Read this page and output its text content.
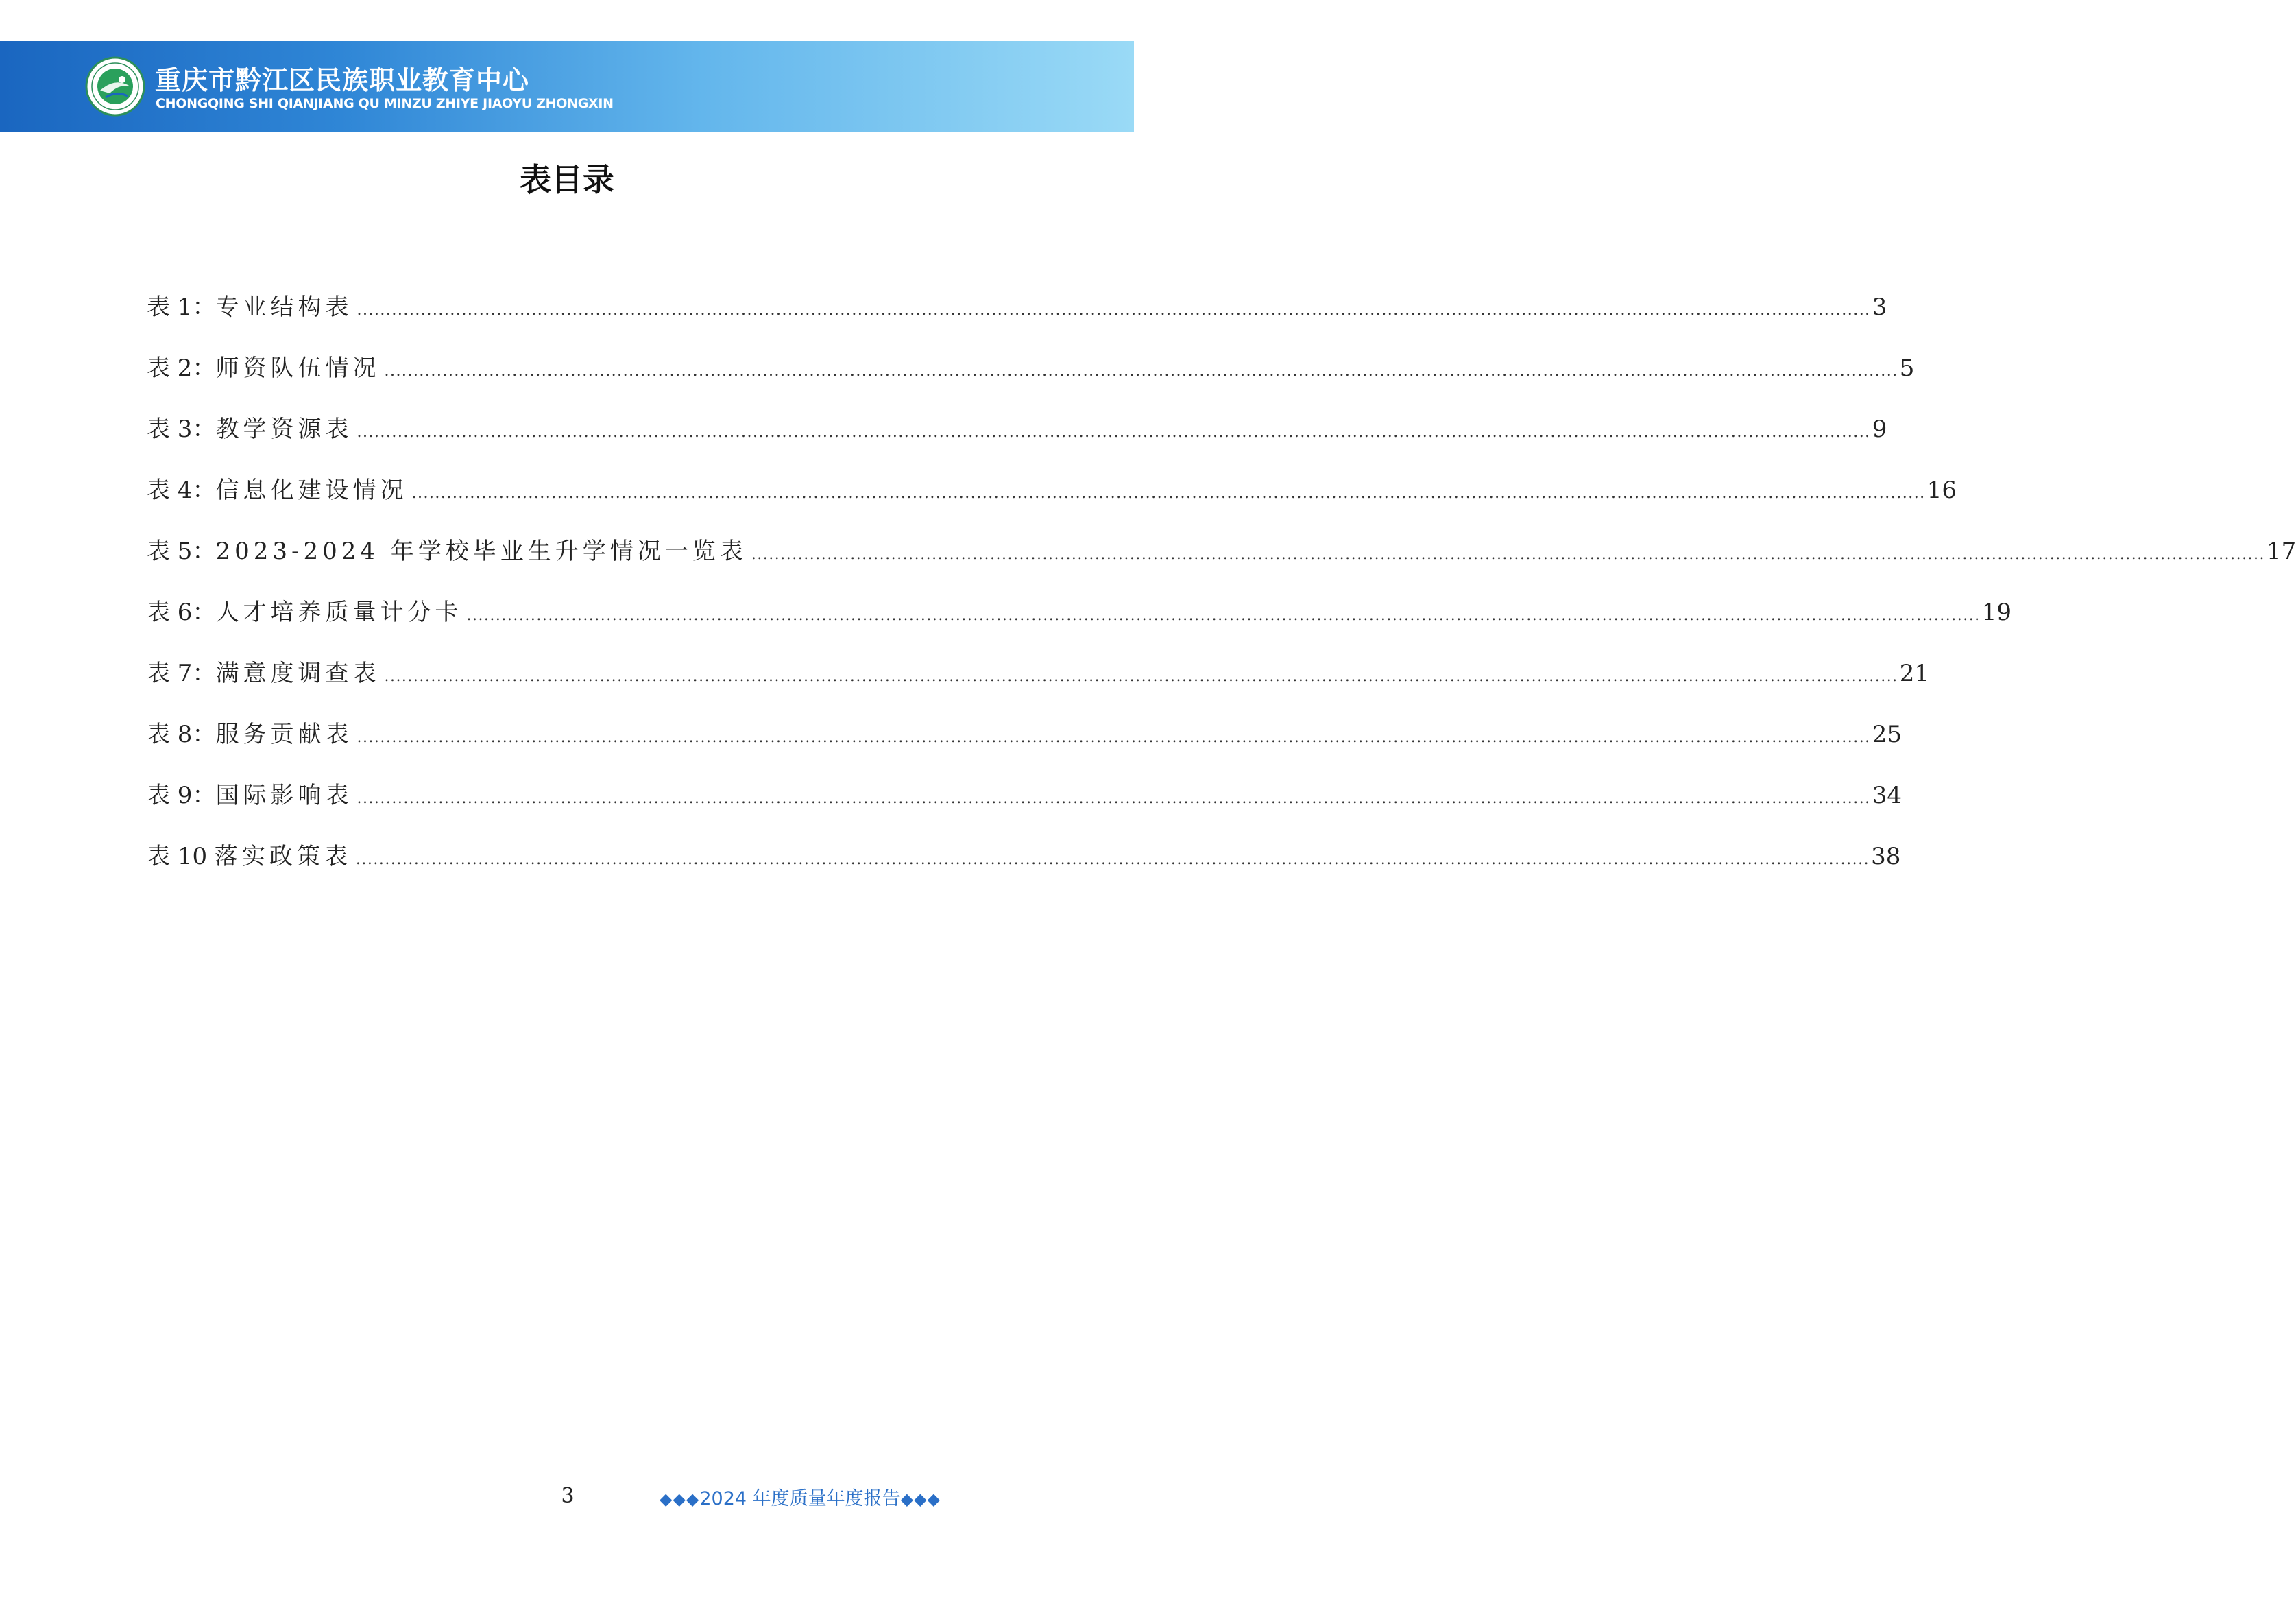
重庆市黔江区民族职业教育中心
CHONGQING SHI QIANJIANG QU MINZU ZHIYE JIAOYU ZHONGXIN
表目录
表 1：专业结构表 .................................................................................................................................................................................................................................................................... 3
表 2：师资队伍情况 .................................................................................................................................................................................................................................................................... 5
表 3：教学资源表 .................................................................................................................................................................................................................................................................... 9
表 4：信息化建设情况 .................................................................................................................................................................................................................................................................... 16
表 5：2023-2024 年学校毕业生升学情况一览表 .................................................................................................................................................................................................................................................................... 17
表 6：人才培养质量计分卡 .................................................................................................................................................................................................................................................................... 19
表 7：满意度调查表 .................................................................................................................................................................................................................................................................... 21
表 8：服务贡献表 .................................................................................................................................................................................................................................................................... 25
表 9：国际影响表 .................................................................................................................................................................................................................................................................... 34
表 10 落实政策表 .................................................................................................................................................................................................................................................................... 38
3	◆◆◆2024 年度质量年度报告◆◆◆
